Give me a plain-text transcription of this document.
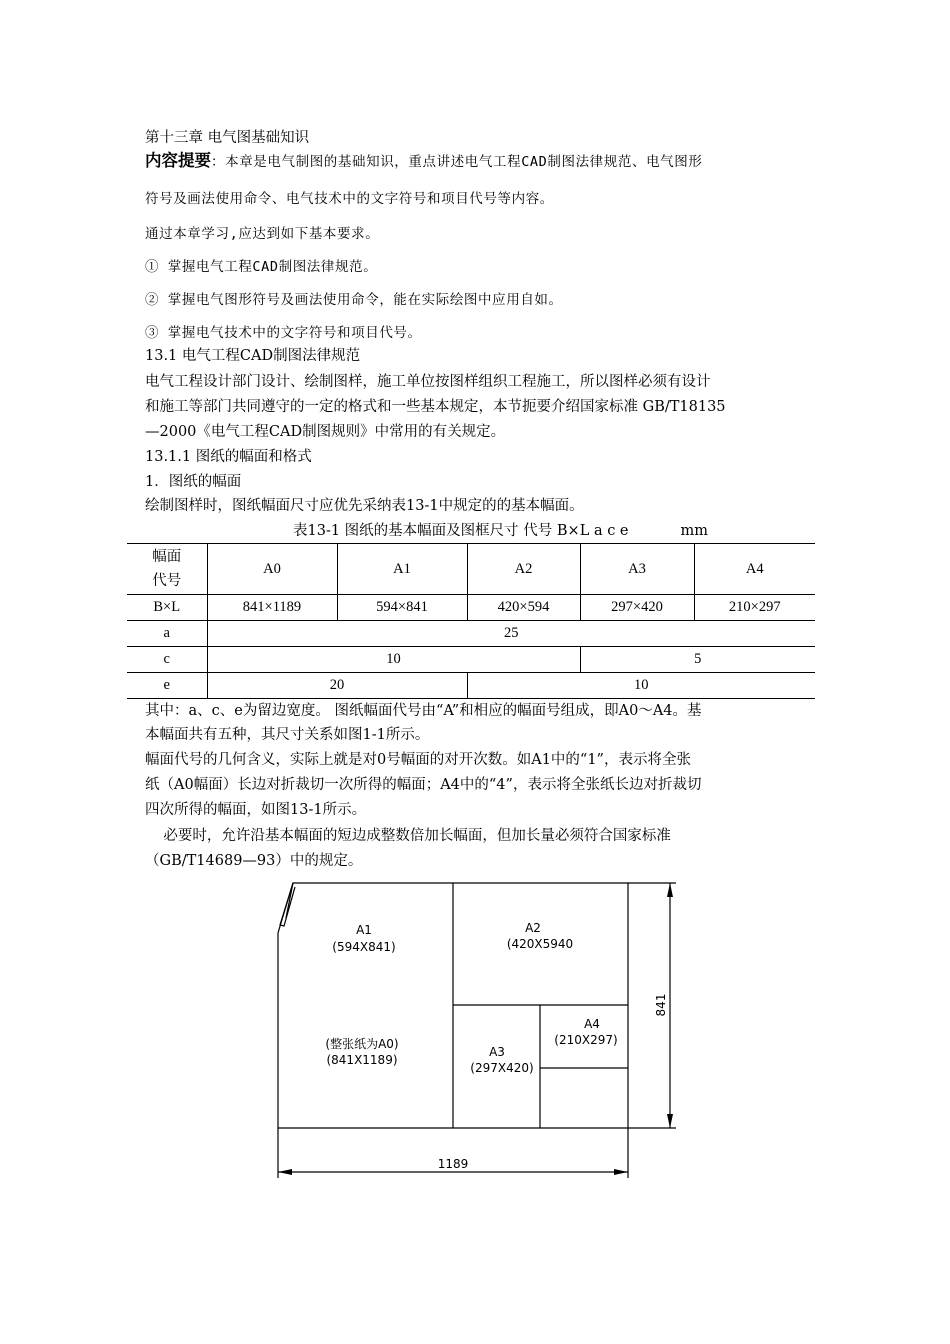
第十三章 电气图基础知识
内容提要：本章是电气制图的基础知识，重点讲述电气工程CAD制图法律规范、电气图形
符号及画法使用命令、电气技术中的文字符号和项目代号等内容。
通过本章学习,应达到如下基本要求。
① 掌握电气工程CAD制图法律规范。
② 掌握电气图形符号及画法使用命令，能在实际绘图中应用自如。
③ 掌握电气技术中的文字符号和项目代号。
13.1 电气工程CAD制图法律规范
电气工程设计部门设计、绘制图样，施工单位按图样组织工程施工，所以图样必须有设计
和施工等部门共同遵守的一定的格式和一些基本规定，本节扼要介绍国家标准 GB/T18135
—2000《电气工程CAD制图规则》中常用的有关规定。
13.1.1 图纸的幅面和格式
1．图纸的幅面
绘制图样时，图纸幅面尺寸应优先采纳表13-1中规定的的基本幅面。
表13-1 图纸的基本幅面及图框尺寸 代号 B×L a c e	mm
幅面
代号	A0	A1	A2	A3	A4
B×L	841×1189	594×841	420×594	297×420	210×297
a	25				
c	10			5	
e	20		10		
其中：a、c、e为留边宽度。 图纸幅面代号由“A”和相应的幅面号组成，即A0～A4。基
本幅面共有五种，其尺寸关系如图1-1所示。
幅面代号的几何含义，实际上就是对0号幅面的对开次数。如A1中的“1”，表示将全张
纸（A0幅面）长边对折裁切一次所得的幅面；A4中的“4”，表示将全张纸长边对折裁切
四次所得的幅面，如图13-1所示。
必要时，允许沿基本幅面的短边成整数倍加长幅面，但加长量必须符合国家标准
（GB/T14689—93）中的规定。
A1
(594X841)
(整张纸为A0)
(841X1189)
A2
(420X5940
A3
(297X420)
A4
(210X297)
841
1189
